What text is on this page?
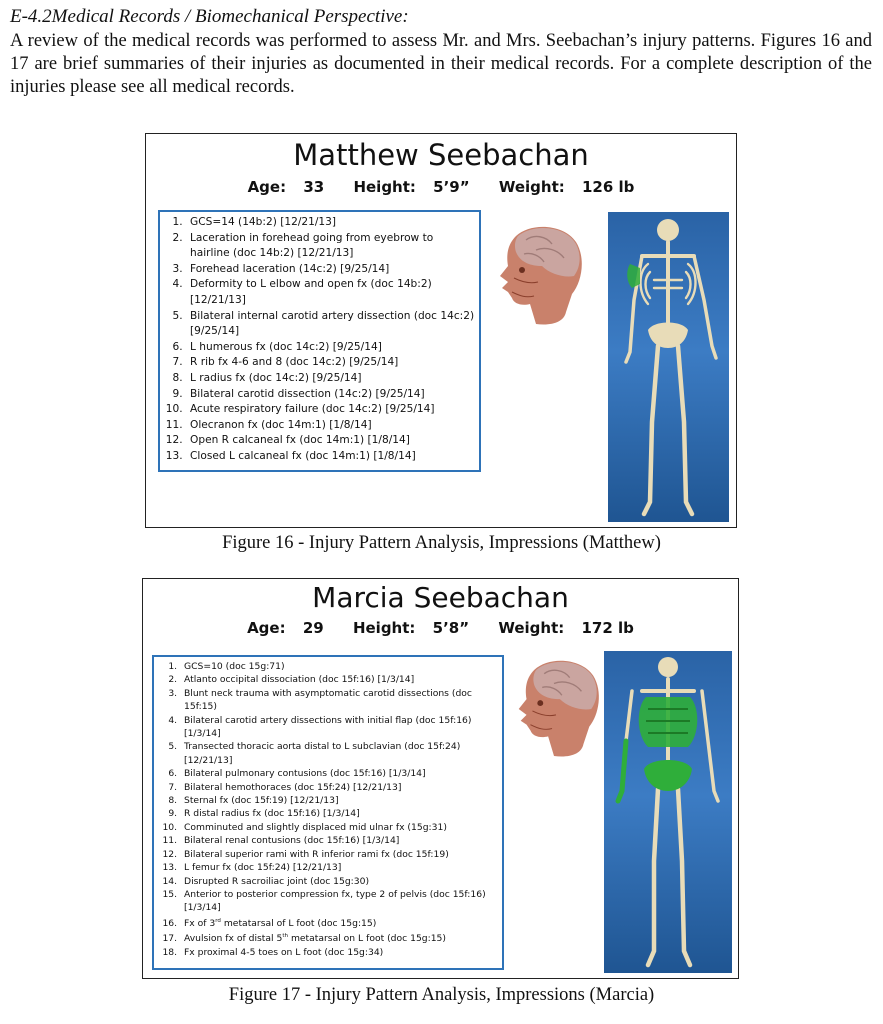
E-4.2Medical Records / Biomechanical Perspective:
A review of the medical records was performed to assess Mr. and Mrs. Seebachan’s injury patterns. Figures 16 and 17 are brief summaries of their injuries as documented in their medical records. For a complete description of the injuries please see all medical records.
Matthew Seebachan
Age: 33 Height: 5’9” Weight: 126 lb
1. GCS=14 (14b:2) [12/21/13]
2. Laceration in forehead going from eyebrow to hairline (doc 14b:2) [12/21/13]
3. Forehead laceration (14c:2) [9/25/14]
4. Deformity to L elbow and open fx (doc 14b:2) [12/21/13]
5. Bilateral internal carotid artery dissection (doc 14c:2) [9/25/14]
6. L humerous fx (doc 14c:2) [9/25/14]
7. R rib fx 4-6 and 8 (doc 14c:2) [9/25/14]
8. L radius fx (doc 14c:2) [9/25/14]
9. Bilateral carotid dissection (14c:2) [9/25/14]
10. Acute respiratory failure (doc 14c:2) [9/25/14]
11. Olecranon fx (doc 14m:1) [1/8/14]
12. Open R calcaneal fx (doc 14m:1) [1/8/14]
13. Closed L calcaneal fx (doc 14m:1) [1/8/14]
Figure 16 - Injury Pattern Analysis, Impressions (Matthew)
Marcia Seebachan
Age: 29 Height: 5’8” Weight: 172 lb
1. GCS=10 (doc 15g:71)
2. Atlanto occipital dissociation (doc 15f:16) [1/3/14]
3. Blunt neck trauma with asymptomatic carotid dissections (doc 15f:15)
4. Bilateral carotid artery dissections with initial flap (doc 15f:16) [1/3/14]
5. Transected thoracic aorta distal to L subclavian (doc 15f:24) [12/21/13]
6. Bilateral pulmonary contusions (doc 15f:16) [1/3/14]
7. Bilateral hemothoraces (doc 15f:24) [12/21/13]
8. Sternal fx (doc 15f:19) [12/21/13]
9. R distal radius fx (doc 15f:16) [1/3/14]
10. Comminuted and slightly displaced mid ulnar fx (15g:31)
11. Bilateral renal contusions (doc 15f:16) [1/3/14]
12. Bilateral superior rami with R inferior rami fx (doc 15f:19)
13. L femur fx (doc 15f:24) [12/21/13]
14. Disrupted R sacroiliac joint (doc 15g:30)
15. Anterior to posterior compression fx, type 2 of pelvis (doc 15f:16) [1/3/14]
16. Fx of 3rd metatarsal of L foot (doc 15g:15)
17. Avulsion fx of distal 5th metatarsal on L foot (doc 15g:15)
18. Fx proximal 4-5 toes on L foot (doc 15g:34)
Figure 17 - Injury Pattern Analysis, Impressions (Marcia)
